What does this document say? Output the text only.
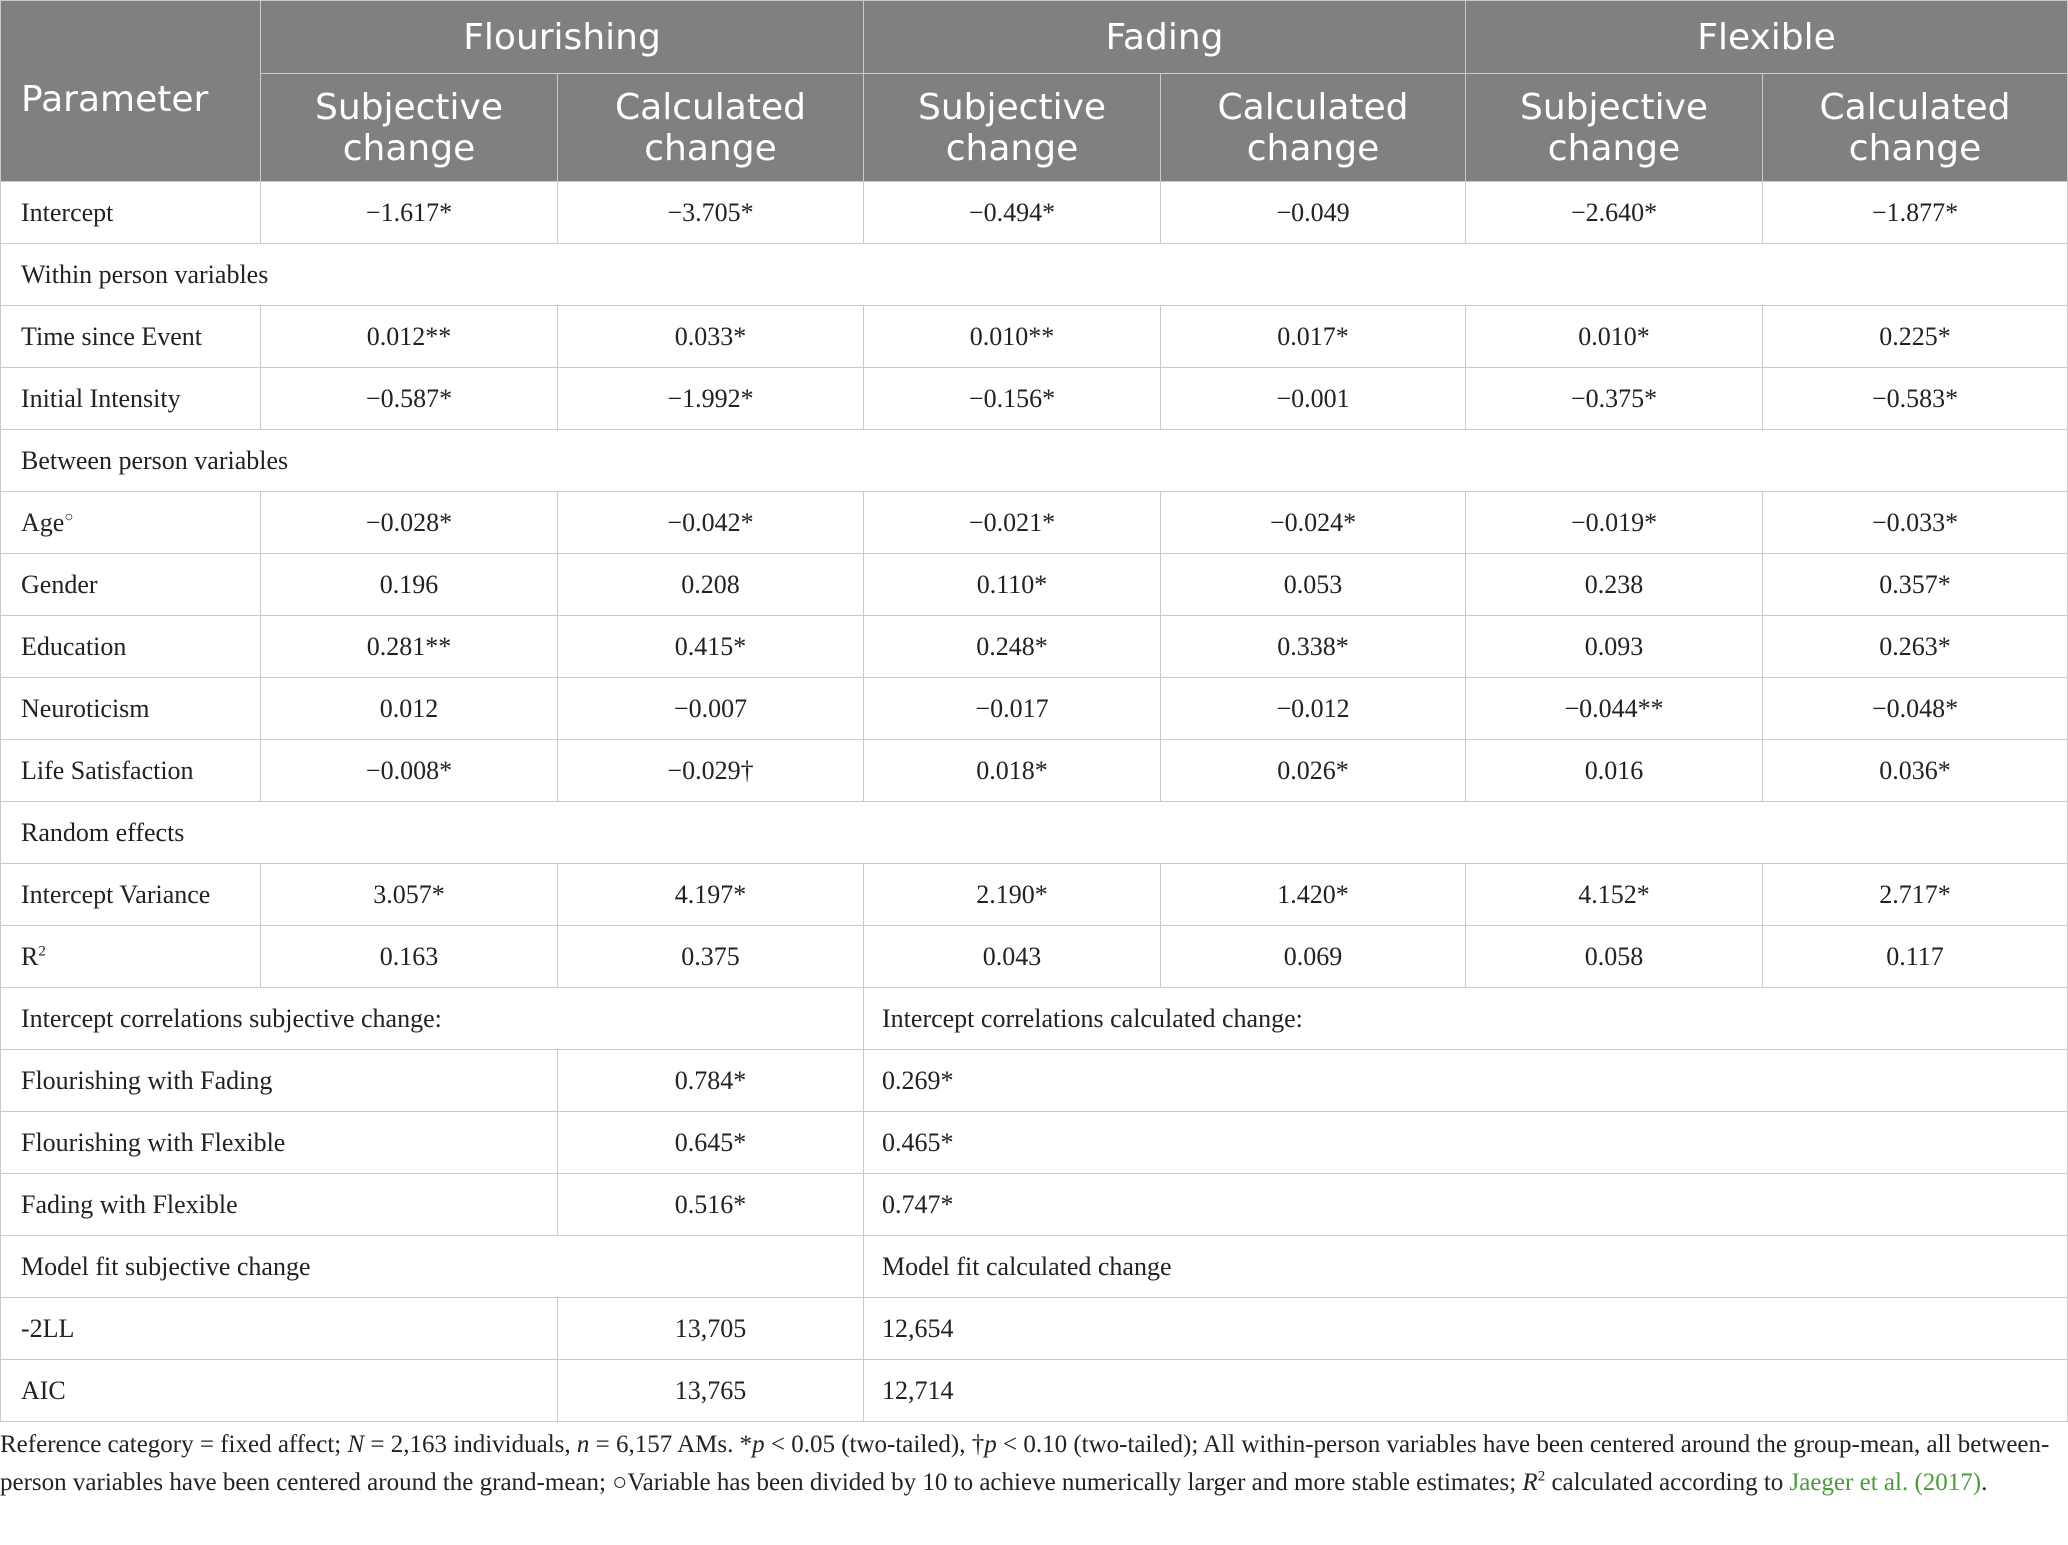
Parameter	Flourishing		Fading		Flexible	
	Subjective change	Calculated change	Subjective change	Calculated change	Subjective change	Calculated change
Intercept	−1.617*	−3.705*	−0.494*	−0.049	−2.640*	−1.877*
Within person variables						
Time since Event	0.012**	0.033*	0.010**	0.017*	0.010*	0.225*
Initial Intensity	−0.587*	−1.992*	−0.156*	−0.001	−0.375*	−0.583*
Between person variables						
Age○	−0.028*	−0.042*	−0.021*	−0.024*	−0.019*	−0.033*
Gender	0.196	0.208	0.110*	0.053	0.238	0.357*
Education	0.281**	0.415*	0.248*	0.338*	0.093	0.263*
Neuroticism	0.012	−0.007	−0.017	−0.012	−0.044**	−0.048*
Life Satisfaction	−0.008*	−0.029†	0.018*	0.026*	0.016	0.036*
Random effects						
Intercept Variance	3.057*	4.197*	2.190*	1.420*	4.152*	2.717*
$R^2$	0.163	0.375	0.043	0.069	0.058	0.117
Intercept correlations subjective change:			Intercept correlations calculated change:			
Flourishing with Fading		0.784*	0.269*			
Flourishing with Flexible		0.645*	0.465*			
Fading with Flexible		0.516*	0.747*			
Model fit subjective change			Model fit calculated change			
-2LL		13,705	12,654			
AIC		13,765	12,714			
Reference category = fixed affect; N = 2,163 individuals, n = 6,157 AMs. *p < 0.05 (two-tailed), †p < 0.10 (two-tailed); All within-person variables have been centered around the group-mean, all between-person variables have been centered around the grand-mean; ○Variable has been divided by 10 to achieve numerically larger and more stable estimates; $R^2$ calculated according to Jaeger et al. (2017).
